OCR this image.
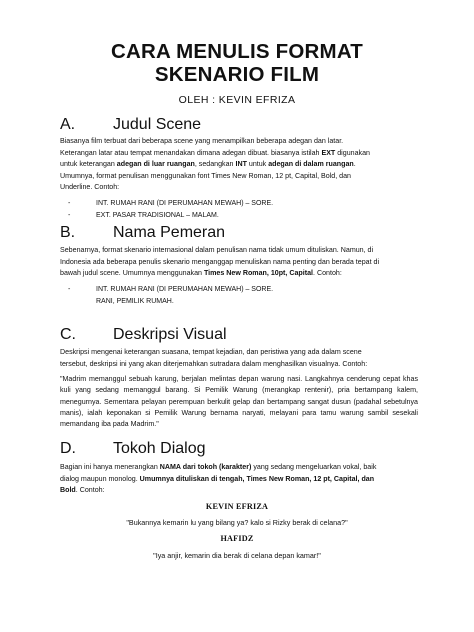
CARA MENULIS FORMAT
SKENARIO FILM
OLEH : KEVIN EFRIZA
A. Judul Scene
Biasanya film terbuat dari beberapa scene yang menampilkan beberapa adegan dan latar.
Keterangan latar atau tempat menandakan dimana adegan dibuat. biasanya istilah EXT digunakan
untuk keterangan adegan di luar ruangan, sedangkan INT untuk adegan di dalam ruangan.
Umumnya, format penulisan menggunakan font Times New Roman, 12 pt, Capital, Bold, dan
Underline. Contoh:
-	INT. RUMAH RANI (DI PERUMAHAN MEWAH) – SORE.
-	EXT. PASAR TRADISIONAL – MALAM.
B. Nama Pemeran
Sebenarnya, format skenario internasional dalam penulisan nama tidak umum dituliskan. Namun, di
Indonesia ada beberapa penulis skenario menganggap menuliskan nama penting dan berada tepat di
bawah judul scene. Umumnya menggunakan Times New Roman, 10pt, Capital. Contoh:
-	INT. RUMAH RANI (DI PERUMAHAN MEWAH) – SORE.
RANI, PEMILIK RUMAH.
C. Deskripsi Visual
Deskripsi mengenai keterangan suasana, tempat kejadian, dan peristiwa yang ada dalam scene
tersebut, deskripsi ini yang akan diterjemahkan sutradara dalam menghasilkan visualnya. Contoh:
"Madrim memanggul sebuah karung, berjalan melintas depan warung nasi. Langkahnya cenderung cepat khas kuli yang sedang memanggul barang. Si Pemilik Warung (merangkap rentenir), pria bertampang kalem, menegurnya. Sementara pelayan perempuan berkulit gelap dan bertampang sangat dusun (padahal sebetulnya manis), ialah keponakan si Pemilik Warung bernama naryati, melayani para tamu warung sambil sesekali memandang iba pada Madrim."
D. Tokoh Dialog
Bagian ini hanya menerangkan NAMA dari tokoh (karakter) yang sedang mengeluarkan vokal, baik
dialog maupun monolog. Umumnya dituliskan di tengah, Times New Roman, 12 pt, Capital, dan
Bold. Contoh:
KEVIN EFRIZA
"Bukannya kemarin lu yang bilang ya? kalo si Rizky berak di celana?"
HAFIDZ
"Iya anjir, kemarin dia berak di celana depan kamar!"
